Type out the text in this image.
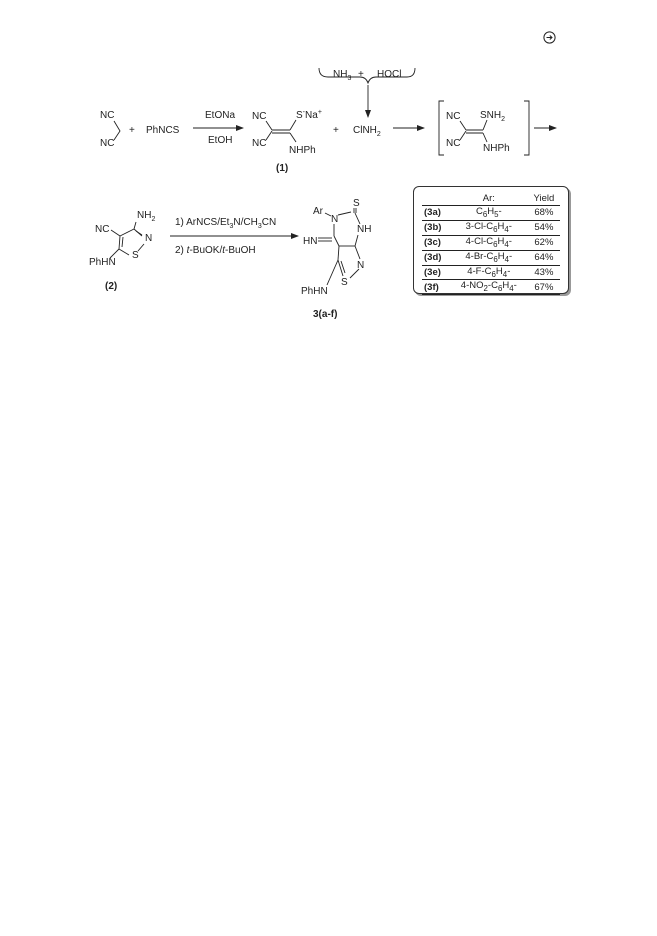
NC
NC
+ PhNCS
EtONa
EtOH
NC
NC
S-Na+
NHPh
(1)
+
$NH_3$ + HOCl
ClNH$_2$
NC
NC
$SNH_2$
NHPh
$NH_2$
NC
N
S
PhHN
(2)
1) ArNCS/$Et_3N/CH_3CN$
2) t-BuOK/t-BuOH
Ar
S
N
NH
HN
N
S
PhHN
3(a-f)
	Ar:	Yield
(3a)	$C_6H_5-$	68%
(3b)	$3-Cl-C_6H_4-$	54%
(3c)	$4-Cl-C_6H_4-$	62%
(3d)	$4-Br-C_6H_4-$	64%
(3e)	$4-F-C_6H_4-$	43%
(3f)	$4-NO_2-C_6H_4-$	67%
